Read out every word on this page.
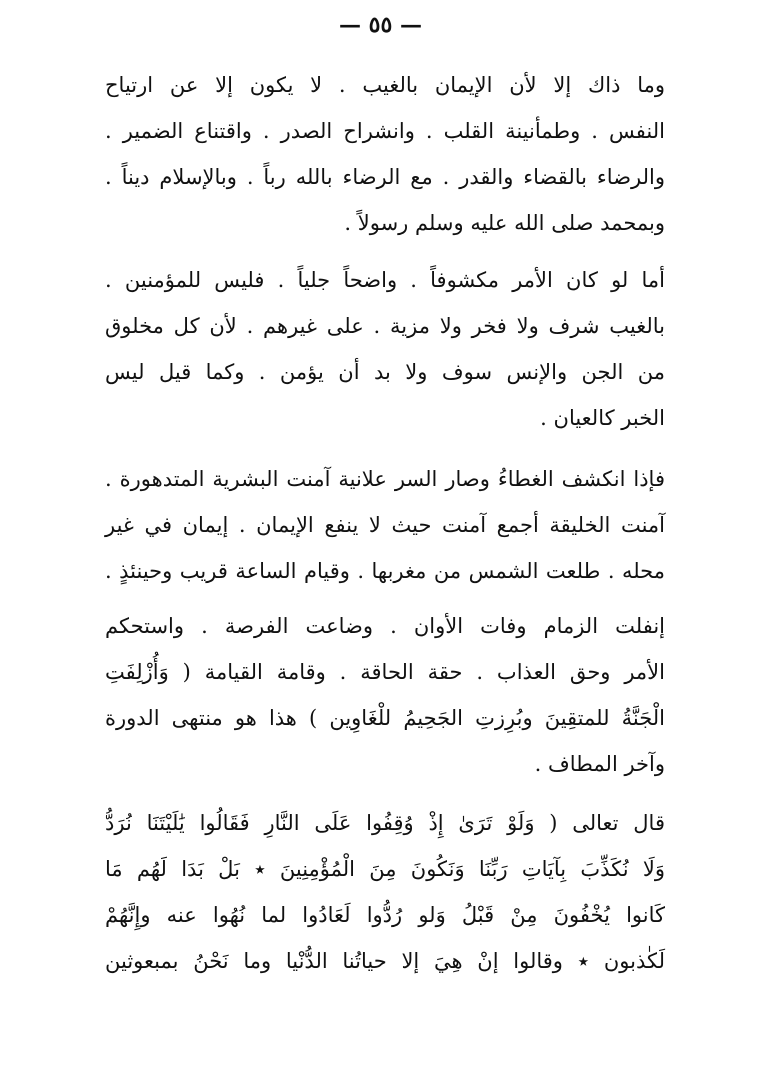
— ٥٥ —
وما ذاك إلا لأن الإيمان بالغيب . لا يكون إلا عن ارتياح
النفس . وطمأنينة القلب . وانشراح الصدر . واقتناع الضمير .
والرضاء بالقضاء والقدر . مع الرضاء بالله رباً . وبالإسلام ديناً .
وبمحمد صلى الله عليه وسلم رسولاً .
أما لو كان الأمر مكشوفاً . واضحاً جلياً . فليس للمؤمنين .
بالغيب شرف ولا فخر ولا مزية . على غيرهم . لأن كل مخلوق
من الجن والإنس سوف ولا بد أن يؤمن . وكما قيل ليس
الخبر كالعيان .
فإذا انكشف الغطاءُ وصار السر علانية آمنت البشرية المتدهورة .
آمنت الخليقة أجمع آمنت حيث لا ينفع الإيمان . إيمان في غير
محله . طلعت الشمس من مغربها . وقيام الساعة قريب وحينئذٍ .
إنفلت الزمام وفات الأوان . وضاعت الفرصة . واستحكم
الأمر وحق العذاب . حقة الحاقة . وقامة القيامة ( وَأُزْلِفَتِ
الْجَنَّةُ للمتقِينَ وبُرِزتِ الجَحِيمُ للْغَاوِين ) هذا هو منتهى الدورة
وآخر المطاف .
قال تعالى ( وَلَوْ تَرَىٰ إِذْ وُقِفُوا عَلَى النَّارِ فَقَالُوا يَٰلَيْتَنَا نُرَدُّ
وَلَا نُكَذِّبَ بِآيَاتِ رَبِّنَا وَنَكُونَ مِنَ الْمُؤْمِنِينَ ٭ بَلْ بَدَا لَهُم مَا
كَانوا يُخْفُونَ مِنْ قَبْلُ وَلو رُدُّوا لَعَادُوا لما نُهُوا عنه وإِنَّهُمْ
لَكٰذبون ٭ وقالوا إنْ هِيَ إلا حياتُنا الدُّنْيا وما نَحْنُ بمبعوثين
